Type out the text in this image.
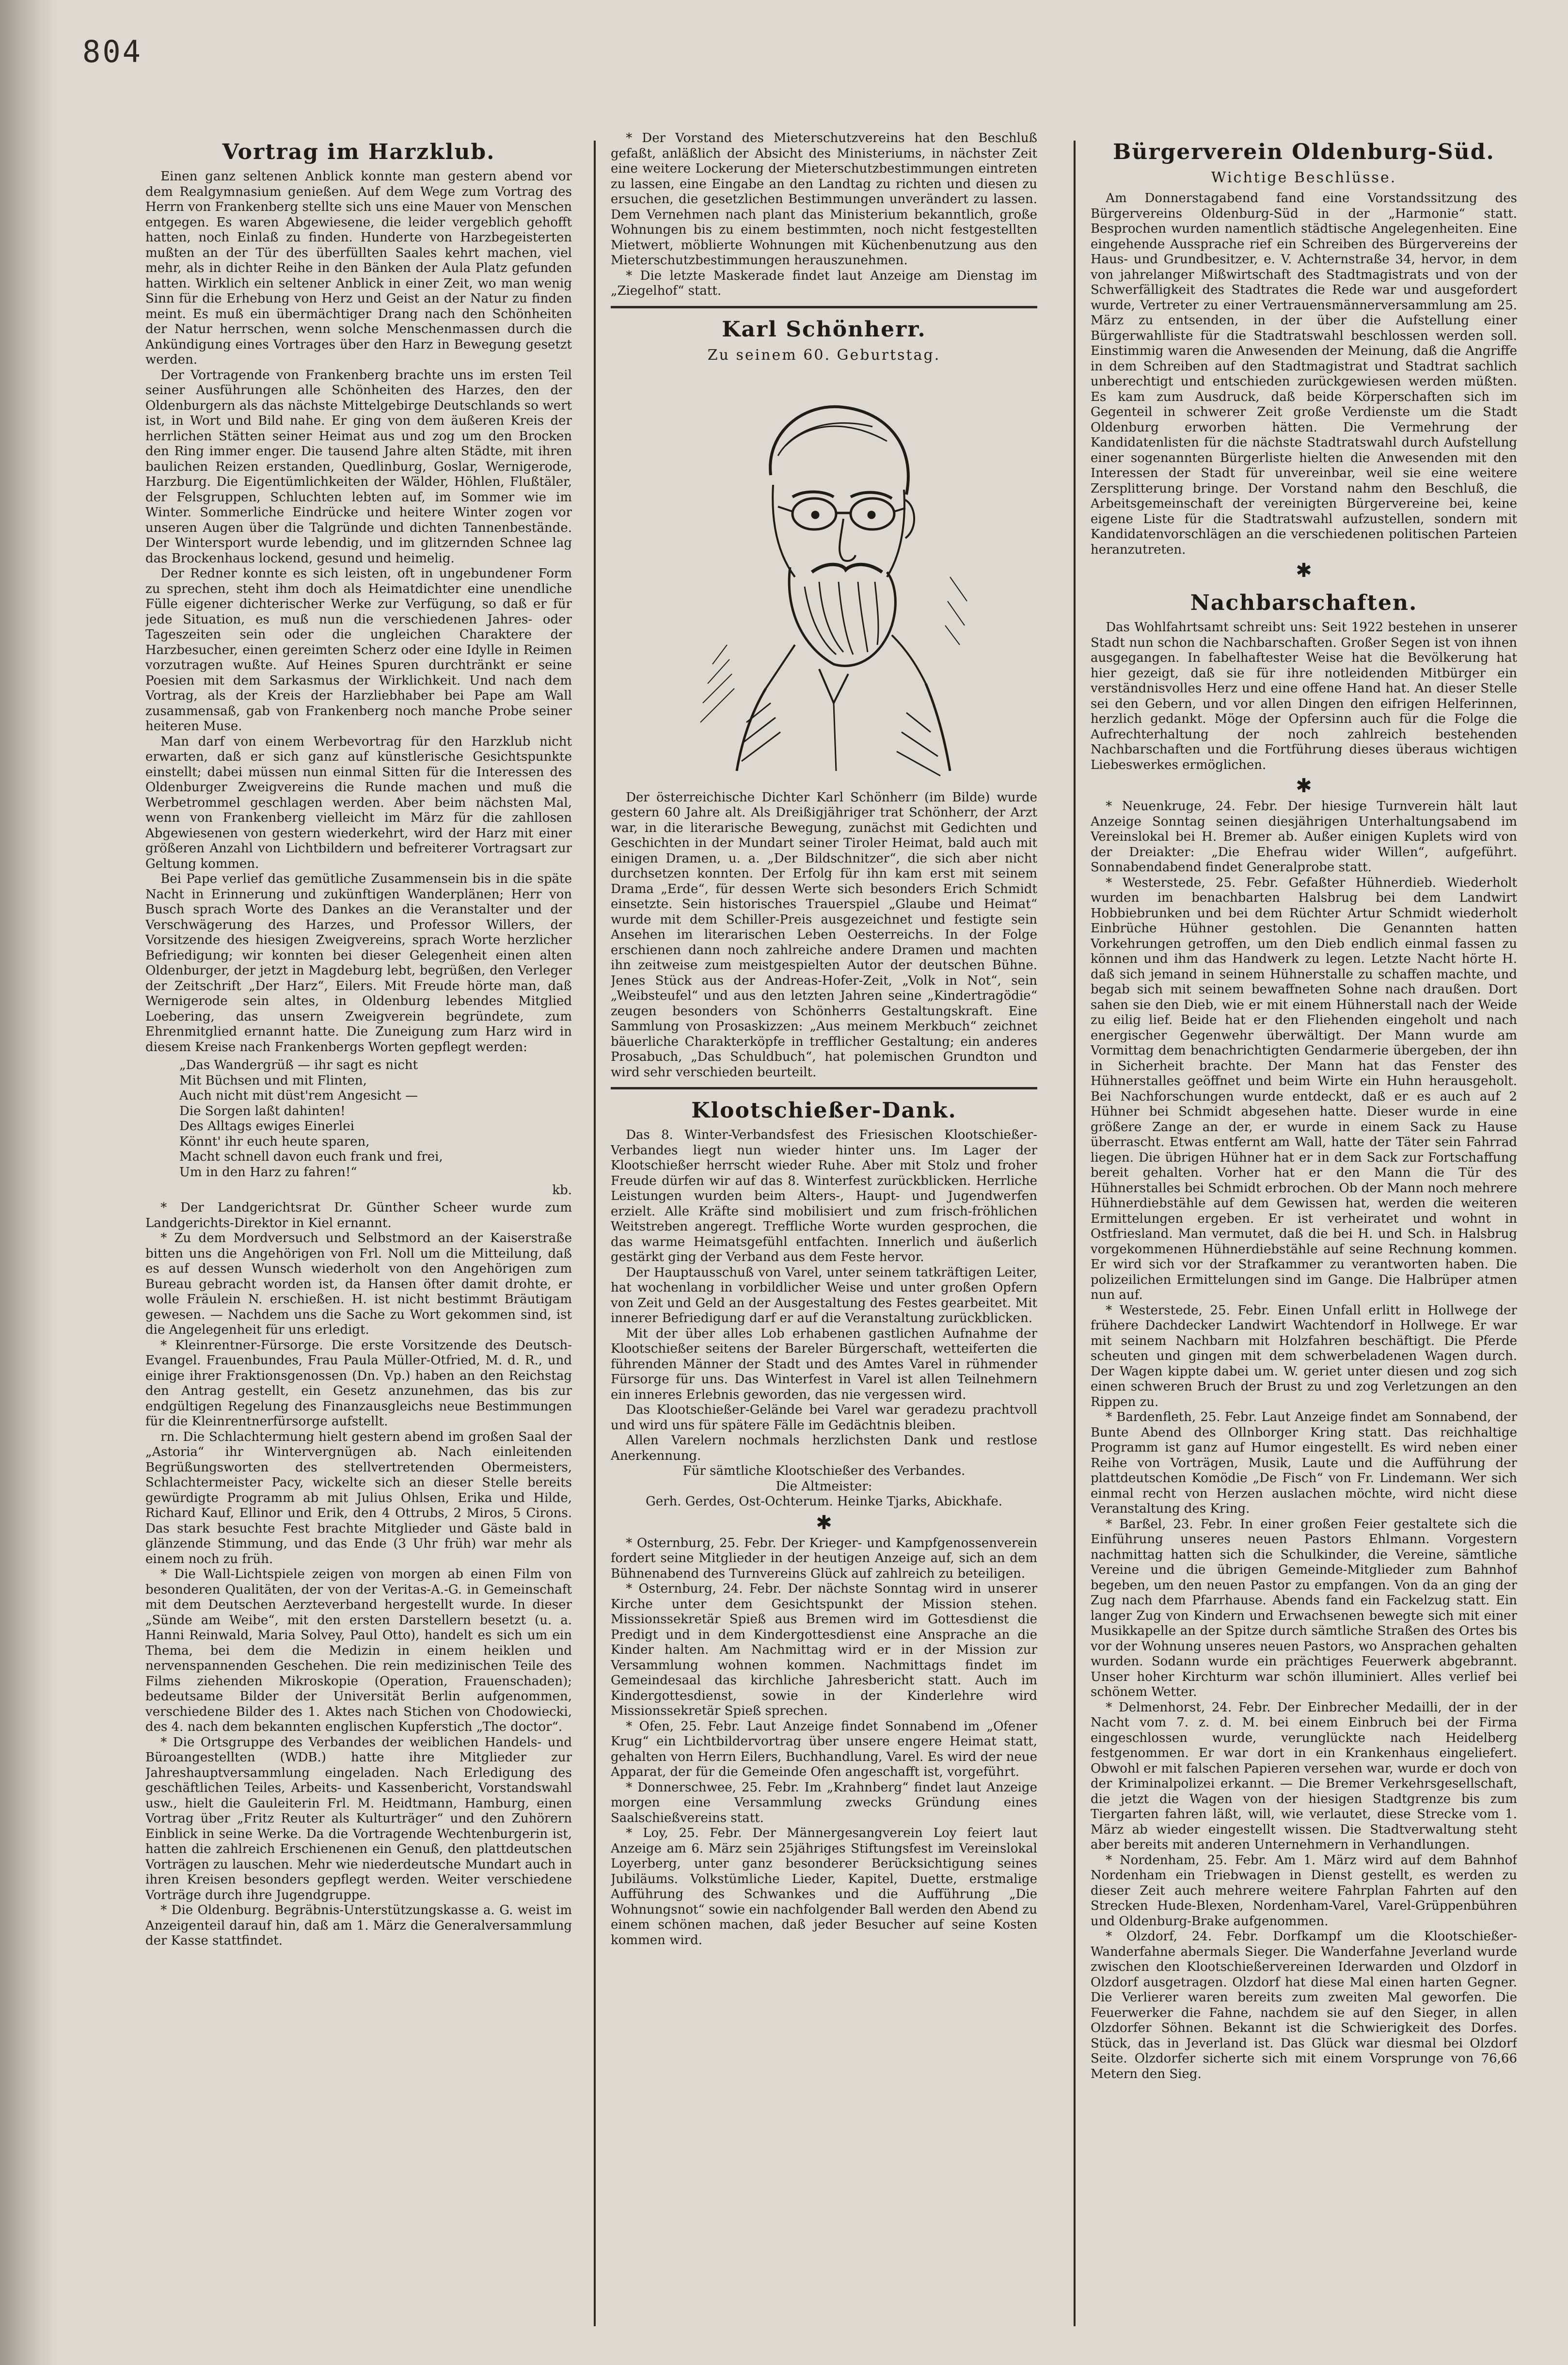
804
Vortrag im Harzklub.

Einen ganz seltenen Anblick konnte man gestern abend vor dem Realgymnasium genießen. Auf dem Wege zum Vortrag des Herrn von Frankenberg stellte sich uns eine Mauer von Menschen entgegen. Es waren Abgewiesene, die leider vergeblich gehofft hatten, noch Einlaß zu finden. Hunderte von Harzbegeisterten mußten an der Tür des überfüllten Saales kehrt machen, viel mehr, als in dichter Reihe in den Bänken der Aula Platz gefunden hatten. Wirklich ein seltener Anblick in einer Zeit, wo man wenig Sinn für die Erhebung von Herz und Geist an der Natur zu finden meint. Es muß ein übermächtiger Drang nach den Schönheiten der Natur herrschen, wenn solche Menschenmassen durch die Ankündigung eines Vortrages über den Harz in Bewegung gesetzt werden.

Der Vortragende von Frankenberg brachte uns im ersten Teil seiner Ausführungen alle Schönheiten des Harzes, den der Oldenburgern als das nächste Mittelgebirge Deutschlands so wert ist, in Wort und Bild nahe. Er ging von dem äußeren Kreis der herrlichen Stätten seiner Heimat aus und zog um den Brocken den Ring immer enger. Die tausend Jahre alten Städte, mit ihren baulichen Reizen erstanden, Quedlinburg, Goslar, Wernigerode, Harzburg. Die Eigentümlichkeiten der Wälder, Höhlen, Flußtäler, der Felsgruppen, Schluchten lebten auf, im Sommer wie im Winter. Sommerliche Eindrücke und heitere Winter zogen vor unseren Augen über die Talgründe und dichten Tannenbestände. Der Wintersport wurde lebendig, und im glitzernden Schnee lag das Brockenhaus lockend, gesund und heimelig.

Der Redner konnte es sich leisten, oft in ungebundener Form zu sprechen, steht ihm doch als Heimatdichter eine unendliche Fülle eigener dichterischer Werke zur Verfügung, so daß er für jede Situation, es muß nun die verschiedenen Jahres- oder Tageszeiten sein oder die ungleichen Charaktere der Harzbesucher, einen gereimten Scherz oder eine Idylle in Reimen vorzutragen wußte. Auf Heines Spuren durchtränkt er seine Poesien mit dem Sarkasmus der Wirklichkeit. Und nach dem Vortrag, als der Kreis der Harzliebhaber bei Pape am Wall zusammensaß, gab von Frankenberg noch manche Probe seiner heiteren Muse.

Man darf von einem Werbevortrag für den Harzklub nicht erwarten, daß er sich ganz auf künstlerische Gesichtspunkte einstellt; dabei müssen nun einmal Sitten für die Interessen des Oldenburger Zweigvereins die Runde machen und muß die Werbetrommel geschlagen werden. Aber beim nächsten Mal, wenn von Frankenberg vielleicht im März für die zahllosen Abgewiesenen von gestern wiederkehrt, wird der Harz mit einer größeren Anzahl von Lichtbildern und befreiterer Vortragsart zur Geltung kommen.

Bei Pape verlief das gemütliche Zusammensein bis in die späte Nacht in Erinnerung und zukünftigen Wanderplänen; Herr von Busch sprach Worte des Dankes an die Veranstalter und der Verschwägerung des Harzes, und Professor Willers, der Vorsitzende des hiesigen Zweigvereins, sprach Worte herzlicher Befriedigung; wir konnten bei dieser Gelegenheit einen alten Oldenburger, der jetzt in Magdeburg lebt, begrüßen, den Verleger der Zeitschrift „Der Harz“, Eilers. Mit Freude hörte man, daß Wernigerode sein altes, in Oldenburg lebendes Mitglied Loebering, das unsern Zweigverein begründete, zum Ehrenmitglied ernannt hatte. Die Zuneigung zum Harz wird in diesem Kreise nach Frankenbergs Worten gepflegt werden:

„Das Wandergrüß — ihr sagt es nicht
Mit Büchsen und mit Flinten,
Auch nicht mit düst'rem Angesicht —
Die Sorgen laßt dahinten!
Des Alltags ewiges Einerlei
Könnt' ihr euch heute sparen,
Macht schnell davon euch frank und frei,
Um in den Harz zu fahren!“
kb.

* Der Landgerichtsrat Dr. Günther Scheer wurde zum Landgerichts-Direktor in Kiel ernannt.

* Zu dem Mordversuch und Selbstmord an der Kaiserstraße bitten uns die Angehörigen von Frl. Noll um die Mitteilung, daß es auf dessen Wunsch wiederholt von den Angehörigen zum Bureau gebracht worden ist, da Hansen öfter damit drohte, er wolle Fräulein N. erschießen. H. ist nicht bestimmt Bräutigam gewesen. — Nachdem uns die Sache zu Wort gekommen sind, ist die Angelegenheit für uns erledigt.

* Kleinrentner-Fürsorge. Die erste Vorsitzende des Deutsch-Evangel. Frauenbundes, Frau Paula Müller-Otfried, M. d. R., und einige ihrer Fraktionsgenossen (Dn. Vp.) haben an den Reichstag den Antrag gestellt, ein Gesetz anzunehmen, das bis zur endgültigen Regelung des Finanzausgleichs neue Bestimmungen für die Kleinrentnerfürsorge aufstellt.

rn. Die Schlachtermung hielt gestern abend im großen Saal der „Astoria“ ihr Wintervergnügen ab. Nach einleitenden Begrüßungsworten des stellvertretenden Obermeisters, Schlachtermeister Pacy, wickelte sich an dieser Stelle bereits gewürdigte Programm ab mit Julius Ohlsen, Erika und Hilde, Richard Kauf, Ellinor und Erik, den 4 Ottrubs, 2 Miros, 5 Cirons. Das stark besuchte Fest brachte Mitglieder und Gäste bald in glänzende Stimmung, und das Ende (3 Uhr früh) war mehr als einem noch zu früh.

* Die Wall-Lichtspiele zeigen von morgen ab einen Film von besonderen Qualitäten, der von der Veritas-A.-G. in Gemeinschaft mit dem Deutschen Aerzteverband hergestellt wurde. In dieser „Sünde am Weibe“, mit den ersten Darstellern besetzt (u. a. Hanni Reinwald, Maria Solvey, Paul Otto), handelt es sich um ein Thema, bei dem die Medizin in einem heiklen und nervenspannenden Geschehen. Die rein medizinischen Teile des Films ziehenden Mikroskopie (Operation, Frauenschaden); bedeutsame Bilder der Universität Berlin aufgenommen, verschiedene Bilder des 1. Aktes nach Stichen von Chodowiecki, des 4. nach dem bekannten englischen Kupferstich „The doctor“.

* Die Ortsgruppe des Verbandes der weiblichen Handels- und Büroangestellten (WDB.) hatte ihre Mitglieder zur Jahreshauptversammlung eingeladen. Nach Erledigung des geschäftlichen Teiles, Arbeits- und Kassenbericht, Vorstandswahl usw., hielt die Gauleiterin Frl. M. Heidtmann, Hamburg, einen Vortrag über „Fritz Reuter als Kulturträger“ und den Zuhörern Einblick in seine Werke. Da die Vortragende Wechtenburgerin ist, hatten die zahlreich Erschienenen ein Genuß, den plattdeutschen Vorträgen zu lauschen. Mehr wie niederdeutsche Mundart auch in ihren Kreisen besonders gepflegt werden. Weiter verschiedene Vorträge durch ihre Jugendgruppe.

* Die Oldenburg. Begräbnis-Unterstützungskasse a. G. weist im Anzeigenteil darauf hin, daß am 1. März die Generalversammlung der Kasse stattfindet.

* Der Vorstand des Mieterschutzvereins hat den Beschluß gefaßt, anläßlich der Absicht des Ministeriums, in nächster Zeit eine weitere Lockerung der Mieterschutzbestimmungen eintreten zu lassen, eine Eingabe an den Landtag zu richten und diesen zu ersuchen, die gesetzlichen Bestimmungen unverändert zu lassen. Dem Vernehmen nach plant das Ministerium bekanntlich, große Wohnungen bis zu einem bestimmten, noch nicht festgestellten Mietwert, möblierte Wohnungen mit Küchenbenutzung aus den Mieterschutzbestimmungen herauszunehmen.

* Die letzte Maskerade findet laut Anzeige am Dienstag im „Ziegelhof“ statt.

Karl Schönherr.
Zu seinem 60. Geburtstag.

Der österreichische Dichter Karl Schönherr (im Bilde) wurde gestern 60 Jahre alt. Als Dreißigjähriger trat Schönherr, der Arzt war, in die literarische Bewegung, zunächst mit Gedichten und Geschichten in der Mundart seiner Tiroler Heimat, bald auch mit einigen Dramen, u. a. „Der Bildschnitzer“, die sich aber nicht durchsetzen konnten. Der Erfolg für ihn kam erst mit seinem Drama „Erde“, für dessen Werte sich besonders Erich Schmidt einsetzte. Sein historisches Trauerspiel „Glaube und Heimat“ wurde mit dem Schiller-Preis ausgezeichnet und festigte sein Ansehen im literarischen Leben Oesterreichs. In der Folge erschienen dann noch zahlreiche andere Dramen und machten ihn zeitweise zum meistgespielten Autor der deutschen Bühne. Jenes Stück aus der Andreas-Hofer-Zeit, „Volk in Not“, sein „Weibsteufel“ und aus den letzten Jahren seine „Kindertragödie“ zeugen besonders von Schönherrs Gestaltungskraft. Eine Sammlung von Prosaskizzen: „Aus meinem Merkbuch“ zeichnet bäuerliche Charakterköpfe in trefflicher Gestaltung; ein anderes Prosabuch, „Das Schuldbuch“, hat polemischen Grundton und wird sehr verschieden beurteilt.

Klootschießer-Dank.

Das 8. Winter-Verbandsfest des Friesischen Klootschießer-Verbandes liegt nun wieder hinter uns. Im Lager der Klootschießer herrscht wieder Ruhe. Aber mit Stolz und froher Freude dürfen wir auf das 8. Winterfest zurückblicken. Herrliche Leistungen wurden beim Alters-, Haupt- und Jugendwerfen erzielt. Alle Kräfte sind mobilisiert und zum frisch-fröhlichen Weitstreben angeregt. Treffliche Worte wurden gesprochen, die das warme Heimatsgefühl entfachten. Innerlich und äußerlich gestärkt ging der Verband aus dem Feste hervor.

Der Hauptausschuß von Varel, unter seinem tatkräftigen Leiter, hat wochenlang in vorbildlicher Weise und unter großen Opfern von Zeit und Geld an der Ausgestaltung des Festes gearbeitet. Mit innerer Befriedigung darf er auf die Veranstaltung zurückblicken.

Mit der über alles Lob erhabenen gastlichen Aufnahme der Klootschießer seitens der Bareler Bürgerschaft, wetteiferten die führenden Männer der Stadt und des Amtes Varel in rühmender Fürsorge für uns. Das Winterfest in Varel ist allen Teilnehmern ein inneres Erlebnis geworden, das nie vergessen wird.

Das Klootschießer-Gelände bei Varel war geradezu prachtvoll und wird uns für spätere Fälle im Gedächtnis bleiben.

Allen Varelern nochmals herzlichsten Dank und restlose Anerkennung.

Für sämtliche Klootschießer des Verbandes.

Die Altmeister:

Gerh. Gerdes, Ost-Ochterum. Heinke Tjarks, Abickhafe.

✱

* Osternburg, 25. Febr. Der Krieger- und Kampfgenossenverein fordert seine Mitglieder in der heutigen Anzeige auf, sich an dem Bühnenabend des Turnvereins Glück auf zahlreich zu beteiligen.

* Osternburg, 24. Febr. Der nächste Sonntag wird in unserer Kirche unter dem Gesichtspunkt der Mission stehen. Missionssekretär Spieß aus Bremen wird im Gottesdienst die Predigt und in dem Kindergottesdienst eine Ansprache an die Kinder halten. Am Nachmittag wird er in der Mission zur Versammlung wohnen kommen. Nachmittags findet im Gemeindesaal das kirchliche Jahresbericht statt. Auch im Kindergottesdienst, sowie in der Kinderlehre wird Missionssekretär Spieß sprechen.

* Ofen, 25. Febr. Laut Anzeige findet Sonnabend im „Ofener Krug“ ein Lichtbildervortrag über unsere engere Heimat statt, gehalten von Herrn Eilers, Buchhandlung, Varel. Es wird der neue Apparat, der für die Gemeinde Ofen angeschafft ist, vorgeführt.

* Donnerschwee, 25. Febr. Im „Krahnberg“ findet laut Anzeige morgen eine Versammlung zwecks Gründung eines Saalschießvereins statt.

* Loy, 25. Febr. Der Männergesangverein Loy feiert laut Anzeige am 6. März sein 25jähriges Stiftungsfest im Vereinslokal Loyerberg, unter ganz besonderer Berücksichtigung seines Jubiläums. Volkstümliche Lieder, Kapitel, Duette, erstmalige Aufführung des Schwankes und die Aufführung „Die Wohnungsnot“ sowie ein nachfolgender Ball werden den Abend zu einem schönen machen, daß jeder Besucher auf seine Kosten kommen wird.

Bürgerverein Oldenburg-Süd.
Wichtige Beschlüsse.

Am Donnerstagabend fand eine Vorstandssitzung des Bürgervereins Oldenburg-Süd in der „Harmonie“ statt. Besprochen wurden namentlich städtische Angelegenheiten. Eine eingehende Aussprache rief ein Schreiben des Bürgervereins der Haus- und Grundbesitzer, e. V. Achternstraße 34, hervor, in dem von jahrelanger Mißwirtschaft des Stadtmagistrats und von der Schwerfälligkeit des Stadtrates die Rede war und ausgefordert wurde, Vertreter zu einer Vertrauensmännerversammlung am 25. März zu entsenden, in der über die Aufstellung einer Bürgerwahlliste für die Stadtratswahl beschlossen werden soll. Einstimmig waren die Anwesenden der Meinung, daß die Angriffe in dem Schreiben auf den Stadtmagistrat und Stadtrat sachlich unberechtigt und entschieden zurückgewiesen werden müßten. Es kam zum Ausdruck, daß beide Körperschaften sich im Gegenteil in schwerer Zeit große Verdienste um die Stadt Oldenburg erworben hätten. Die Vermehrung der Kandidatenlisten für die nächste Stadtratswahl durch Aufstellung einer sogenannten Bürgerliste hielten die Anwesenden mit den Interessen der Stadt für unvereinbar, weil sie eine weitere Zersplitterung bringe. Der Vorstand nahm den Beschluß, die Arbeitsgemeinschaft der vereinigten Bürgervereine bei, keine eigene Liste für die Stadtratswahl aufzustellen, sondern mit Kandidatenvorschlägen an die verschiedenen politischen Parteien heranzutreten.

✱
Nachbarschaften.

Das Wohlfahrtsamt schreibt uns: Seit 1922 bestehen in unserer Stadt nun schon die Nachbarschaften. Großer Segen ist von ihnen ausgegangen. In fabelhaftester Weise hat die Bevölkerung hat hier gezeigt, daß sie für ihre notleidenden Mitbürger ein verständnisvolles Herz und eine offene Hand hat. An dieser Stelle sei den Gebern, und vor allen Dingen den eifrigen Helferinnen, herzlich gedankt. Möge der Opfersinn auch für die Folge die Aufrechterhaltung der noch zahlreich bestehenden Nachbarschaften und die Fortführung dieses überaus wichtigen Liebeswerkes ermöglichen.

✱

* Neuenkruge, 24. Febr. Der hiesige Turnverein hält laut Anzeige Sonntag seinen diesjährigen Unterhaltungsabend im Vereinslokal bei H. Bremer ab. Außer einigen Kuplets wird von der Dreiakter: „Die Ehefrau wider Willen“, aufgeführt. Sonnabendabend findet Generalprobe statt.

* Westerstede, 25. Febr. Gefaßter Hühnerdieb. Wiederholt wurden im benachbarten Halsbrug bei dem Landwirt Hobbiebrunken und bei dem Rüchter Artur Schmidt wiederholt Einbrüche Hühner gestohlen. Die Genannten hatten Vorkehrungen getroffen, um den Dieb endlich einmal fassen zu können und ihm das Handwerk zu legen. Letzte Nacht hörte H. daß sich jemand in seinem Hühnerstalle zu schaffen machte, und begab sich mit seinem bewaffneten Sohne nach draußen. Dort sahen sie den Dieb, wie er mit einem Hühnerstall nach der Weide zu eilig lief. Beide hat er den Fliehenden eingeholt und nach energischer Gegenwehr überwältigt. Der Mann wurde am Vormittag dem benachrichtigten Gendarmerie übergeben, der ihn in Sicherheit brachte. Der Mann hat das Fenster des Hühnerstalles geöffnet und beim Wirte ein Huhn herausgeholt. Bei Nachforschungen wurde entdeckt, daß er es auch auf 2 Hühner bei Schmidt abgesehen hatte. Dieser wurde in eine größere Zange an der, er wurde in einem Sack zu Hause überrascht. Etwas entfernt am Wall, hatte der Täter sein Fahrrad liegen. Die übrigen Hühner hat er in dem Sack zur Fortschaffung bereit gehalten. Vorher hat er den Mann die Tür des Hühnerstalles bei Schmidt erbrochen. Ob der Mann noch mehrere Hühnerdiebstähle auf dem Gewissen hat, werden die weiteren Ermittelungen ergeben. Er ist verheiratet und wohnt in Ostfriesland. Man vermutet, daß die bei H. und Sch. in Halsbrug vorgekommenen Hühnerdiebstähle auf seine Rechnung kommen. Er wird sich vor der Strafkammer zu verantworten haben. Die polizeilichen Ermittelungen sind im Gange. Die Halbrüper atmen nun auf.

* Westerstede, 25. Febr. Einen Unfall erlitt in Hollwege der frühere Dachdecker Landwirt Wachtendorf in Hollwege. Er war mit seinem Nachbarn mit Holzfahren beschäftigt. Die Pferde scheuten und gingen mit dem schwerbeladenen Wagen durch. Der Wagen kippte dabei um. W. geriet unter diesen und zog sich einen schweren Bruch der Brust zu und zog Verletzungen an den Rippen zu.

* Bardenfleth, 25. Febr. Laut Anzeige findet am Sonnabend, der Bunte Abend des Ollnborger Kring statt. Das reichhaltige Programm ist ganz auf Humor eingestellt. Es wird neben einer Reihe von Vorträgen, Musik, Laute und die Aufführung der plattdeutschen Komödie „De Fisch“ von Fr. Lindemann. Wer sich einmal recht von Herzen auslachen möchte, wird nicht diese Veranstaltung des Kring.

* Barßel, 23. Febr. In einer großen Feier gestaltete sich die Einführung unseres neuen Pastors Ehlmann. Vorgestern nachmittag hatten sich die Schulkinder, die Vereine, sämtliche Vereine und die übrigen Gemeinde-Mitglieder zum Bahnhof begeben, um den neuen Pastor zu empfangen. Von da an ging der Zug nach dem Pfarrhause. Abends fand ein Fackelzug statt. Ein langer Zug von Kindern und Erwachsenen bewegte sich mit einer Musikkapelle an der Spitze durch sämtliche Straßen des Ortes bis vor der Wohnung unseres neuen Pastors, wo Ansprachen gehalten wurden. Sodann wurde ein prächtiges Feuerwerk abgebrannt. Unser hoher Kirchturm war schön illuminiert. Alles verlief bei schönem Wetter.

* Delmenhorst, 24. Febr. Der Einbrecher Medailli, der in der Nacht vom 7. z. d. M. bei einem Einbruch bei der Firma eingeschlossen wurde, verunglückte nach Heidelberg festgenommen. Er war dort in ein Krankenhaus eingeliefert. Obwohl er mit falschen Papieren versehen war, wurde er doch von der Kriminalpolizei erkannt. — Die Bremer Verkehrsgesellschaft, die jetzt die Wagen von der hiesigen Stadtgrenze bis zum Tiergarten fahren läßt, will, wie verlautet, diese Strecke vom 1. März ab wieder eingestellt wissen. Die Stadtverwaltung steht aber bereits mit anderen Unternehmern in Verhandlungen.

* Nordenham, 25. Febr. Am 1. März wird auf dem Bahnhof Nordenham ein Triebwagen in Dienst gestellt, es werden zu dieser Zeit auch mehrere weitere Fahrplan Fahrten auf den Strecken Hude-Blexen, Nordenham-Varel, Varel-Grüppenbühren und Oldenburg-Brake aufgenommen.

* Olzdorf, 24. Febr. Dorfkampf um die Klootschießer-Wanderfahne abermals Sieger. Die Wanderfahne Jeverland wurde zwischen den Klootschießervereinen Iderwarden und Olzdorf in Olzdorf ausgetragen. Olzdorf hat diese Mal einen harten Gegner. Die Verlierer waren bereits zum zweiten Mal geworfen. Die Feuerwerker die Fahne, nachdem sie auf den Sieger, in allen Olzdorfer Söhnen. Bekannt ist die Schwierigkeit des Dorfes. Stück, das in Jeverland ist. Das Glück war diesmal bei Olzdorf Seite. Olzdorfer sicherte sich mit einem Vorsprunge von 76,66 Metern den Sieg.
